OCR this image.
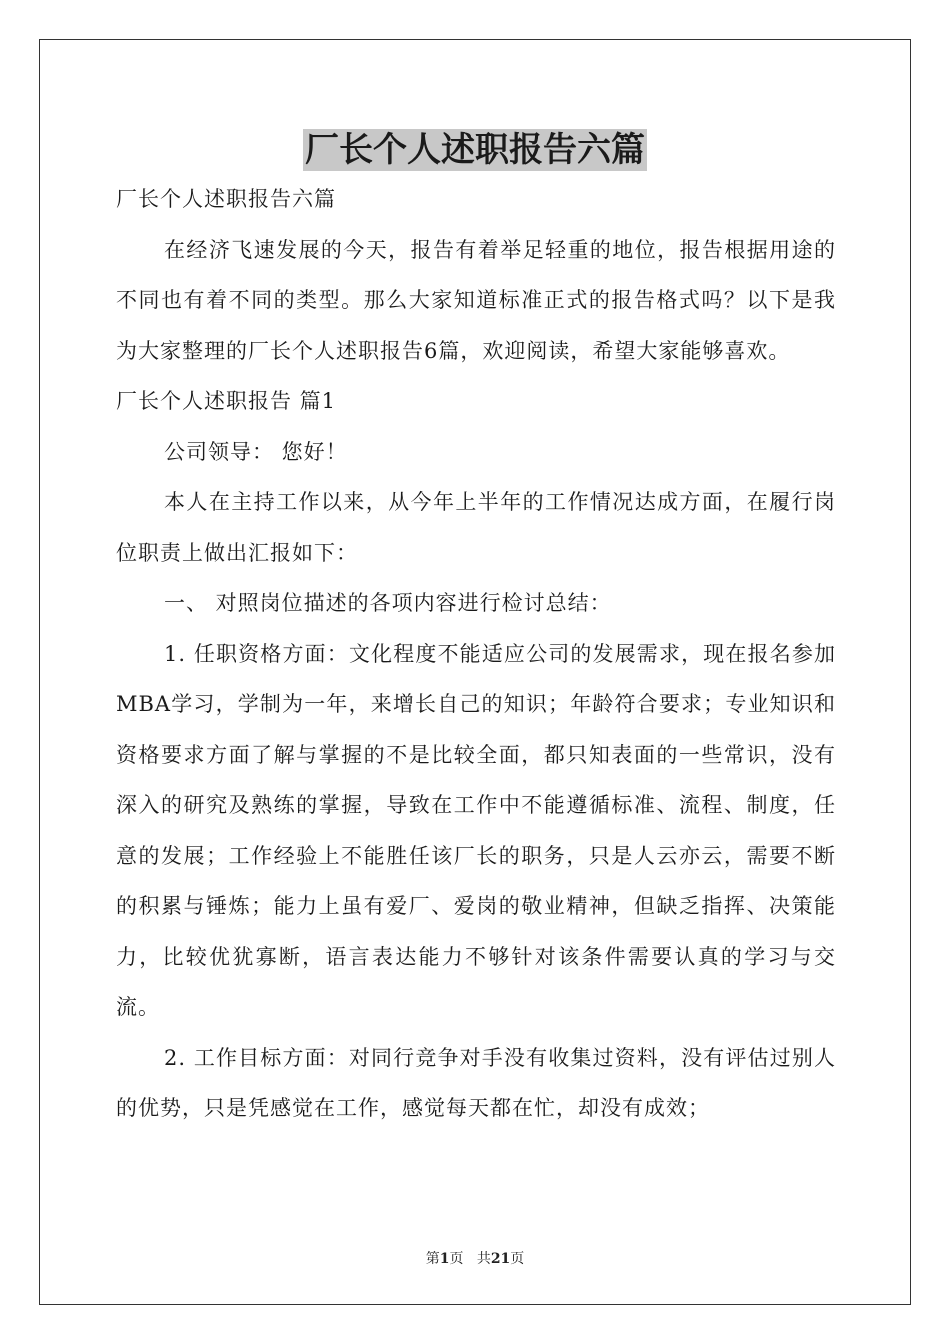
厂长个人述职报告六篇

厂长个人述职报告六篇

在经济飞速发展的今天，报告有着举足轻重的地位，报告根据用途的不同也有着不同的类型。那么大家知道标准正式的报告格式吗？以下是我为大家整理的厂长个人述职报告6篇，欢迎阅读，希望大家能够喜欢。

厂长个人述职报告 篇1

公司领导： 您好！

本人在主持工作以来，从今年上半年的工作情况达成方面，在履行岗位职责上做出汇报如下：

一、 对照岗位描述的各项内容进行检讨总结：

1. 任职资格方面：文化程度不能适应公司的发展需求，现在报名参加MBA学习，学制为一年，来增长自己的知识；年龄符合要求；专业知识和资格要求方面了解与掌握的不是比较全面，都只知表面的一些常识，没有深入的研究及熟练的掌握，导致在工作中不能遵循标准、流程、制度，任意的发展；工作经验上不能胜任该厂长的职务，只是人云亦云，需要不断的积累与锤炼；能力上虽有爱厂、爱岗的敬业精神，但缺乏指挥、决策能力，比较优犹寡断，语言表达能力不够针对该条件需要认真的学习与交流。

2. 工作目标方面：对同行竞争对手没有收集过资料，没有评估过别人的优势，只是凭感觉在工作，感觉每天都在忙，却没有成效；

第1页 共21页
